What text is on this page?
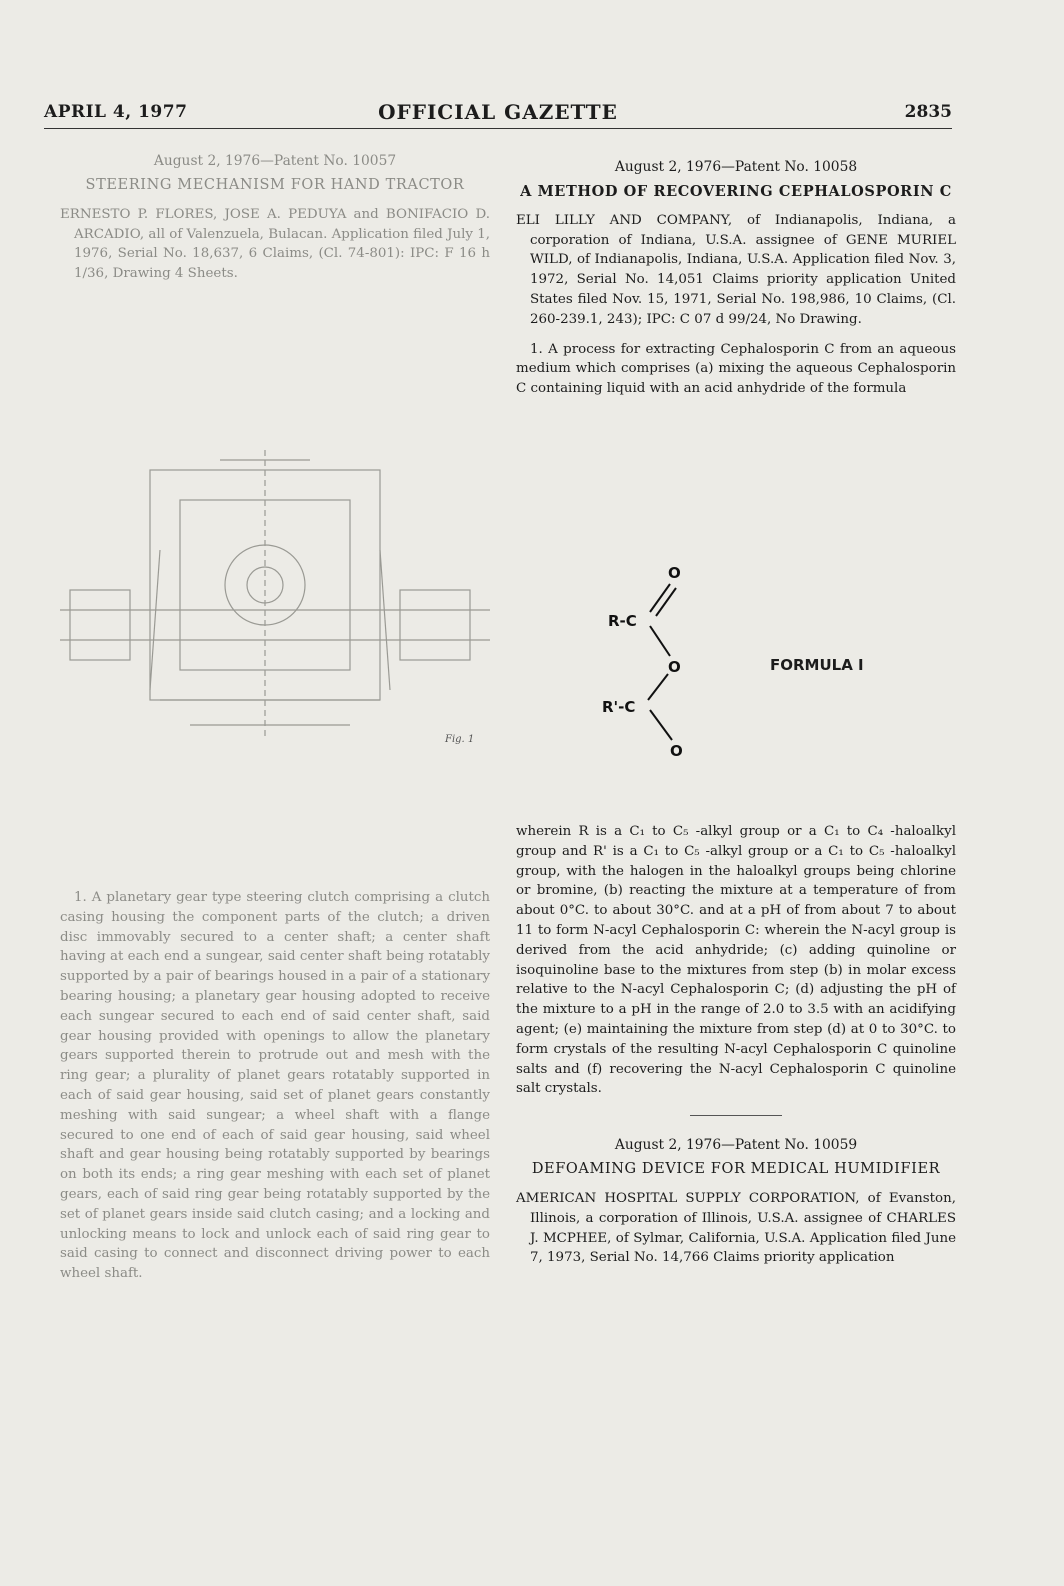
APRIL 4, 1977	OFFICIAL GAZETTE	2835
August 2, 1976—Patent No. 10057
STEERING MECHANISM FOR HAND TRACTOR
ERNESTO P. FLORES, JOSE A. PEDUYA and BONIFACIO D. ARCADIO, all of Valenzuela, Bulacan. Application filed July 1, 1976, Serial No. 18,637, 6 Claims, (Cl. 74-801): IPC: F 16 h 1/36, Drawing 4 Sheets.
Fig. 1

1. A planetary gear type steering clutch comprising a clutch casing housing the component parts of the clutch; a driven disc immovably secured to a center shaft; a center shaft having at each end a sungear, said center shaft being rotatably supported by a pair of bearings housed in a pair of a stationary bearing housing; a planetary gear housing adopted to receive each sungear secured to each end of said center shaft, said gear housing provided with openings to allow the planetary gears supported therein to protrude out and mesh with the ring gear; a plurality of planet gears rotatably supported in each of said gear housing, said set of planet gears constantly meshing with said sungear; a wheel shaft with a flange secured to one end of each of said gear housing, said wheel shaft and gear housing being rotatably supported by bearings on both its ends; a ring gear meshing with each set of planet gears, each of said ring gear being rotatably supported by the set of planet gears inside said clutch casing; and a locking and unlocking means to lock and unlock each of said ring gear to said casing to connect and disconnect driving power to each wheel shaft.

August 2, 1976—Patent No. 10058
A METHOD OF RECOVERING CEPHALOSPORIN C
ELI LILLY AND COMPANY, of Indianapolis, Indiana, a corporation of Indiana, U.S.A. assignee of GENE MURIEL WILD, of Indianapolis, Indiana, U.S.A. Application filed Nov. 3, 1972, Serial No. 14,051 Claims priority application United States filed Nov. 15, 1971, Serial No. 198,986, 10 Claims, (Cl. 260-239.1, 243); IPC: C 07 d 99/24, No Drawing.

1. A process for extracting Cephalosporin C from an aqueous medium which comprises (a) mixing the aqueous Cephalosporin C containing liquid with an acid anhydride of the formula

O
R-C
O
R'-C
O
FORMULA I

wherein R is a C₁ to C₅ -alkyl group or a C₁ to C₄ -haloalkyl group and R' is a C₁ to C₅ -alkyl group or a C₁ to C₅ -haloalkyl group, with the halogen in the haloalkyl groups being chlorine or bromine, (b) reacting the mixture at a temperature of from about 0°C. to about 30°C. and at a pH of from about 7 to about 11 to form N-acyl Cephalosporin C: wherein the N-acyl group is derived from the acid anhydride; (c) adding quinoline or isoquinoline base to the mixtures from step (b) in molar excess relative to the N-acyl Cephalosporin C; (d) adjusting the pH of the mixture to a pH in the range of 2.0 to 3.5 with an acidifying agent; (e) maintaining the mixture from step (d) at 0 to 30°C. to form crystals of the resulting N-acyl Cephalosporin C quinoline salts and (f) recovering the N-acyl Cephalosporin C quinoline salt crystals.

August 2, 1976—Patent No. 10059
DEFOAMING DEVICE FOR MEDICAL HUMIDIFIER
AMERICAN HOSPITAL SUPPLY CORPORATION, of Evanston, Illinois, a corporation of Illinois, U.S.A. assignee of CHARLES J. MCPHEE, of Sylmar, California, U.S.A. Application filed June 7, 1973, Serial No. 14,766 Claims priority application
